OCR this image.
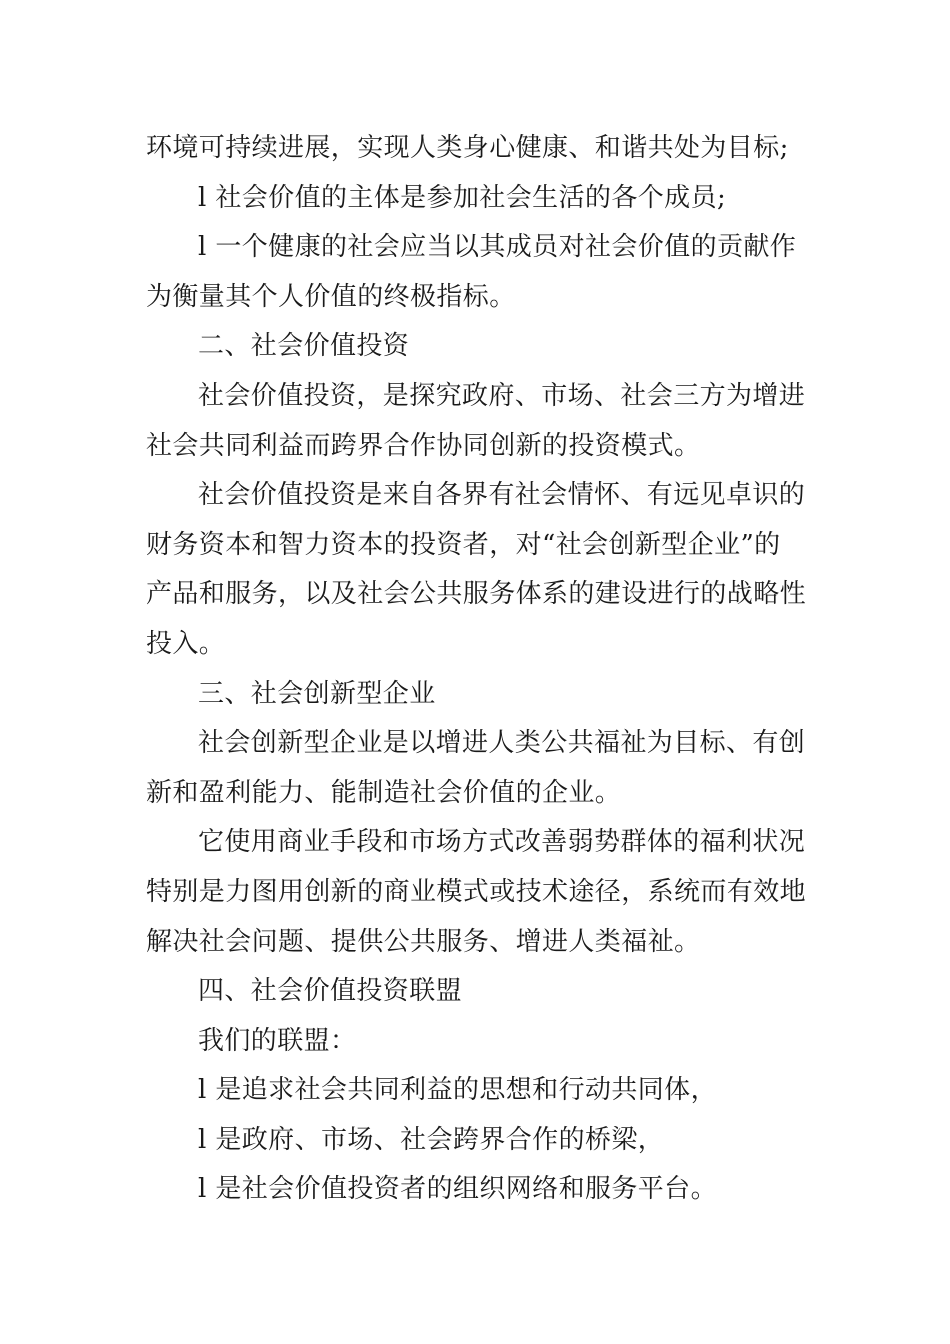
环境可持续进展，实现人类身心健康、和谐共处为目标;
l 社会价值的主体是参加社会生活的各个成员;
l 一个健康的社会应当以其成员对社会价值的贡献作
为衡量其个人价值的终极指标。
二、社会价值投资
社会价值投资，是探究政府、市场、社会三方为增进
社会共同利益而跨界合作协同创新的投资模式。
社会价值投资是来自各界有社会情怀、有远见卓识的
财务资本和智力资本的投资者，对“社会创新型企业”的
产品和服务，以及社会公共服务体系的建设进行的战略性
投入。
三、社会创新型企业
社会创新型企业是以增进人类公共福祉为目标、有创
新和盈利能力、能制造社会价值的企业。
它使用商业手段和市场方式改善弱势群体的福利状况
特别是力图用创新的商业模式或技术途径，系统而有效地
解决社会问题、提供公共服务、增进人类福祉。
四、社会价值投资联盟
我们的联盟：
l 是追求社会共同利益的思想和行动共同体，
l 是政府、市场、社会跨界合作的桥梁，
l 是社会价值投资者的组织网络和服务平台。
